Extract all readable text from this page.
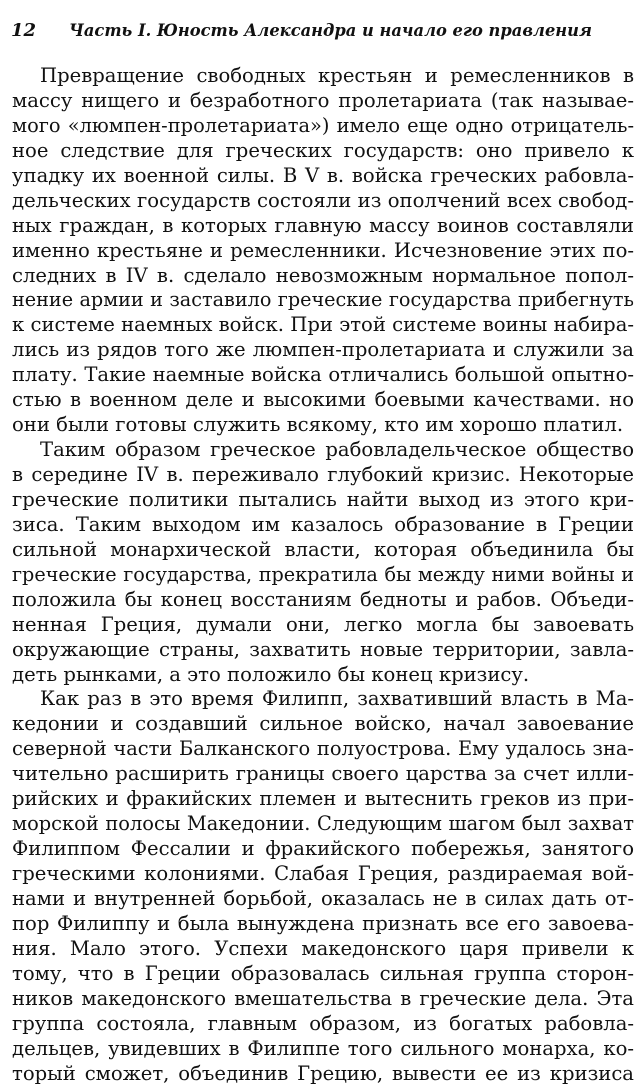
12 Часть I. Юность Александра и начало его правления
Превращение свободных крестьян и ремесленников в
массу нищего и безработного пролетариата (так называе-
мого «люмпен-пролетариата») имело еще одно отрицатель-
ное следствие для греческих государств: оно привело к
упадку их военной силы. В V в. войска греческих рабовла-
дельческих государств состояли из ополчений всех свобод-
ных граждан, в которых главную массу воинов составляли
именно крестьяне и ремесленники. Исчезновение этих по-
следних в IV в. сделало невозможным нормальное попол-
нение армии и заставило греческие государства прибегнуть
к системе наемных войск. При этой системе воины набира-
лись из рядов того же люмпен-пролетариата и служили за
плату. Такие наемные войска отличались большой опытно-
стью в военном деле и высокими боевыми качествами. но
они были готовы служить всякому, кто им хорошо платил.
Таким образом греческое рабовладельческое общество
в середине IV в. переживало глубокий кризис. Некоторые
греческие политики пытались найти выход из этого кри-
зиса. Таким выходом им казалось образование в Греции
сильной монархической власти, которая объединила бы
греческие государства, прекратила бы между ними войны и
положила бы конец восстаниям бедноты и рабов. Объеди-
ненная Греция, думали они, легко могла бы завоевать
окружающие страны, захватить новые территории, завла-
деть рынками, а это положило бы конец кризису.
Как раз в это время Филипп, захвативший власть в Ма-
кедонии и создавший сильное войско, начал завоевание
северной части Балканского полуострова. Ему удалось зна-
чительно расширить границы своего царства за счет илли-
рийских и фракийских племен и вытеснить греков из при-
морской полосы Македонии. Следующим шагом был захват
Филиппом Фессалии и фракийского побережья, занятого
греческими колониями. Слабая Греция, раздираемая вой-
нами и внутренней борьбой, оказалась не в силах дать от-
пор Филиппу и была вынуждена признать все его завоева-
ния. Мало этого. Успехи македонского царя привели к
тому, что в Греции образовалась сильная группа сторон-
ников македонского вмешательства в греческие дела. Эта
группа состояла, главным образом, из богатых рабовла-
дельцев, увидевших в Филиппе того сильного монарха, ко-
торый сможет, объединив Грецию, вывести ее из кризиса
